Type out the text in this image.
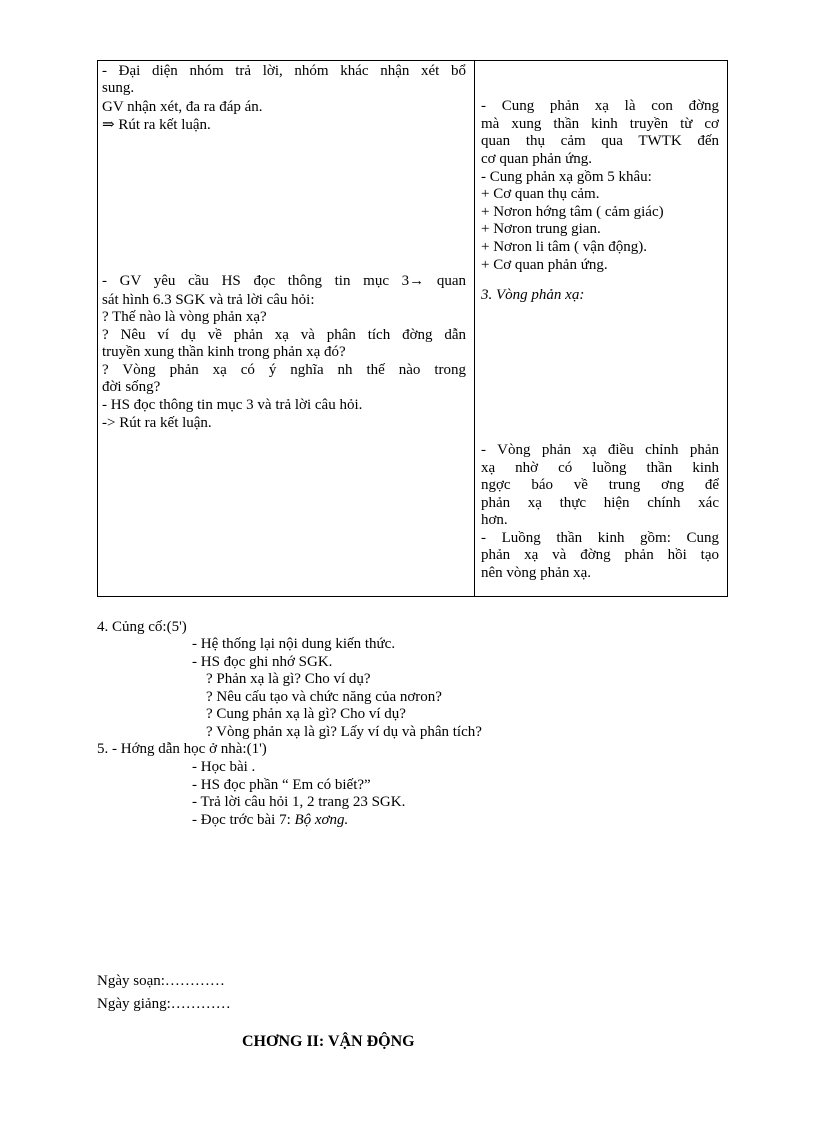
- Đại diện nhóm trả lời, nhóm khác nhận xét bổ
sung.
GV nhận xét, đa ra đáp án.
⇒ Rút ra kết luận.
- GV yêu cầu HS đọc thông tin mục 3→ quan
sát hình 6.3 SGK và trả lời câu hỏi:
? Thế nào là vòng phản xạ?
? Nêu ví dụ về phản xạ và phân tích đờng dẫn
truyền xung thần kinh trong phản xạ đó?
? Vòng phản xạ có ý nghĩa nh thế nào trong
đời sống?
- HS đọc thông tin mục 3 và trả lời câu hỏi.
-> Rút ra kết luận.
- Cung phản xạ là con đờng
mà xung thần kinh truyền từ cơ
quan thụ cảm qua TWTK đến
cơ quan phản ứng.
- Cung phản xạ gồm 5 khâu:
+ Cơ quan thụ cảm.
+ Nơron hớng tâm ( cảm giác)
+ Nơron trung gian.
+ Nơron li tâm ( vận động).
+ Cơ quan phản ứng.
3. Vòng phản xạ:
- Vòng phản xạ điều chỉnh phản
xạ nhờ có luồng thần kinh
ngợc báo về trung ơng để
phản xạ thực hiện chính xác
hơn.
- Luồng thần kinh gồm: Cung
phản xạ và đờng phản hồi tạo
nên vòng phản xạ.
4. Củng cố:(5')
- Hệ thống lại nội dung kiến thức.
- HS đọc ghi nhớ SGK.
? Phản xạ là gì? Cho ví dụ?
? Nêu cấu tạo và chức năng của nơron?
? Cung phản xạ là gì? Cho ví dụ?
? Vòng phản xạ là gì? Lấy ví dụ và phân tích?
5. - Hớng dẫn học ở nhà:(1')
- Học bài .
- HS đọc phần “ Em có biết?”
- Trả lời câu hỏi 1, 2 trang 23 SGK.
- Đọc trớc bài 7: Bộ xơng.
Ngày soạn:…………
Ngày giảng:…………
CHƠNG II: VẬN ĐỘNG
